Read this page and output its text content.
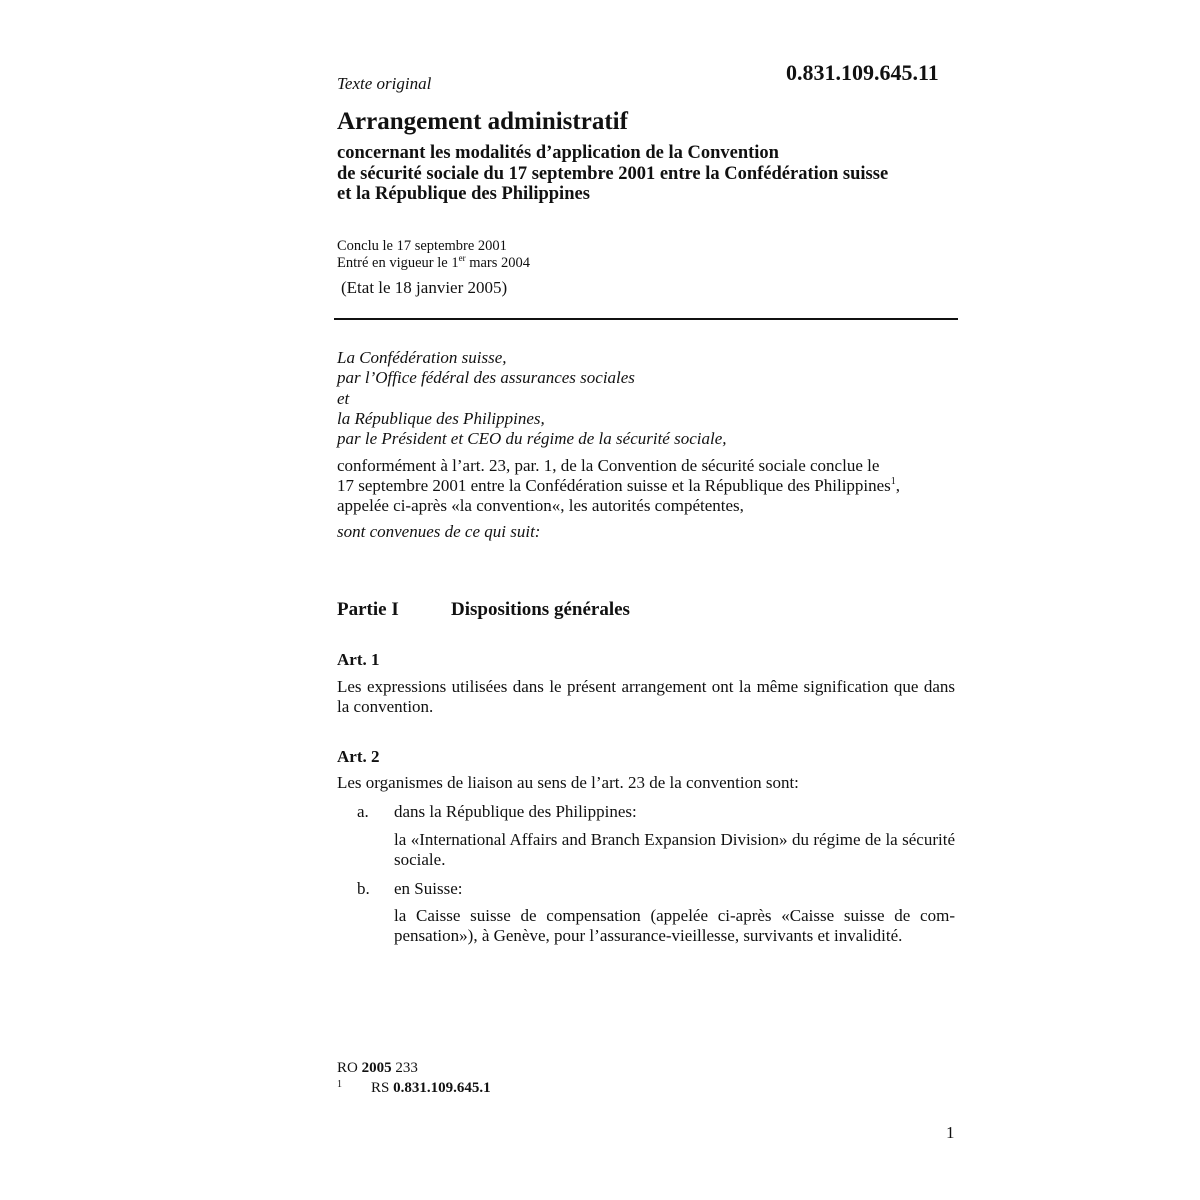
Texte original	0.831.109.645.11
Arrangement administratif
concernant les modalités d’application de la Convention
de sécurité sociale du 17 septembre 2001 entre la Confédération suisse
et la République des Philippines
Conclu le 17 septembre 2001
Entré en vigueur le 1er mars 2004
(Etat le 18 janvier 2005)
La Confédération suisse,
par l’Office fédéral des assurances sociales
et
la République des Philippines,
par le Président et CEO du régime de la sécurité sociale,
conformément à l’art. 23, par. 1, de la Convention de sécurité sociale conclue le
17 septembre 2001 entre la Confédération suisse et la République des Philippines$^1$,
appelée ci-après «la convention«, les autorités compétentes,
sont convenues de ce qui suit:
Partie I	Dispositions générales
Art. 1
Les expressions utilisées dans le présent arrangement ont la même signification que dans la convention.
Art. 2
Les organismes de liaison au sens de l’art. 23 de la convention sont:
a. dans la République des Philippines:
la «International Affairs and Branch Expansion Division» du régime de la sécurité sociale.
b. en Suisse:
la Caisse suisse de compensation (appelée ci-après «Caisse suisse de compensation»), à Genève, pour l’assurance-vieillesse, survivants et invalidité.
RO 2005 233
$^1$ RS 0.831.109.645.1
1
